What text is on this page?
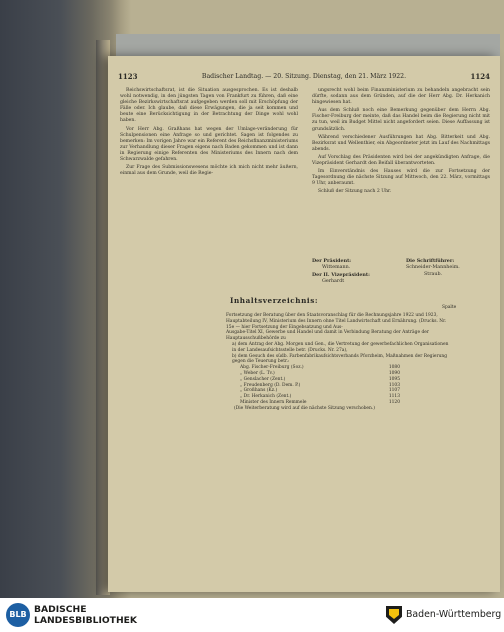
1123	Badischer Landtag. — 20. Sitzung. Dienstag, den 21. März 1922.	1124

Reichswirtschaftsrat, ist die Situation ausgesprochen. Es ist deshalb wohl notwendig, in den jüngsten Tagen von Frankfurt zu führen, daß eine gleiche Bezirkswirtschaftsrat aufgegeben werden soll mit Erschöpfung der Fälle oder. Ich glaube, daß diese Erwägungen, die ja seit kommen und beute eine Berücksichtigung in der Betrachtung der Dinge wohl wohl haben.

Vor Herr Abg. Graßhans hat wegen der Umlage-veränderung für Schulpensionen eine Anfrage so und gerichtet. Sagen ist folgendes zu bemerken: Im vorigen Jahre war ein Referent des Reichsfinanzministeriums zur Verhandlung dieser Fragen eigens nach Baden gekommen und ist dann in Regierung einige Referenten des Ministeriums des Innern nach dem Schwarzwalde gefahren.

Zur Frage des Submissionswesens möchte ich mich nicht mehr äußern, einmal aus dem Grunde, weil die Regie-

ungsrecht wohl beim Finanzministerium zu behandeln angebracht sein dürfte, sodann aus dem Gründen, auf die der Herr Abg. Dr. Herkanich hingewiesen hat.

Aus dem Schluß noch eine Bemerkung gegenüber dem Herrn Abg. Fischer-Freiburg der meinte, daß das Handel beim die Regierung nicht mit zu tun, weil im Budget Mittel nicht angefordert seien. Diese Auffassung ist grundsätzlich.

Während verschiedener Ausführungen hat Abg. Bitterkeit und Abg. Bezirksrat und Wellenthier, ein Abgeordneter jetzt im Lauf des Nachmittags abends.

Auf Vorschlag des Präsidenten wird bei der angekündigten Anfrage, die Vizepräsident Gerhardt den Beifall überantworteten.

Im Einverständnis des Hauses wird die zur Fortsetzung der Tagesordnung die nächste Sitzung auf Mittwoch, den 22. März, vormittags 9 Uhr, anberaumt.

Schluß der Sitzung nach 2 Uhr.

Der Präsident:
Wittemann.
Der II. Vizepräsident:
Gerhardt
Die Schriftführer:
Schneider-Mannheim.
Straub.
Inhaltsverzeichnis:
Spalte
Fortsetzung der Beratung über den Staatsvoranschlag für die Rechnungsjahre 1922 und 1923, Hauptabteilung IV, Ministerium des Innern ohne Titel Landwirtschaft und Ernährung. (Drucks. Nr. 15e — hier Fortsetzung der Eingebsatzung und Aus-
Ausgabe-Titel XI, Gewerbe und Handel und damit in Verbindung Beratung der Anträge der Hauptausschußbehörde zu
a) dem Antrag der Abg. Morgen und Gen., die Vertretung der gewerbefachlichen Organisationen in der Landesaufsichtsstelle betr. (Drucks. Nr. 27a),
b) dem Gesuch des südb. Farbenfabrikaufsichtsverbands Pforzheim, Maßnahmen der Regierung gegen die Teuerung betr.:
Abg. Fischer-Freiburg (Soz.)	1080
„ Weber (L. Tv.)	1090
„ Genslacher (Zent.)	1095
„ Freudenberg (D. Dem. P.)	1103
„ Großhans (Kz.)	1107
„ Dr. Herkanich (Zent.)	1113
Minister des Innern Remmele	1120
(Die Weiterberatung wird auf die nächste Sitzung verschoben.)
BLB BADISCHE
LANDESBIBLIOTHEK
Baden-Württemberg
